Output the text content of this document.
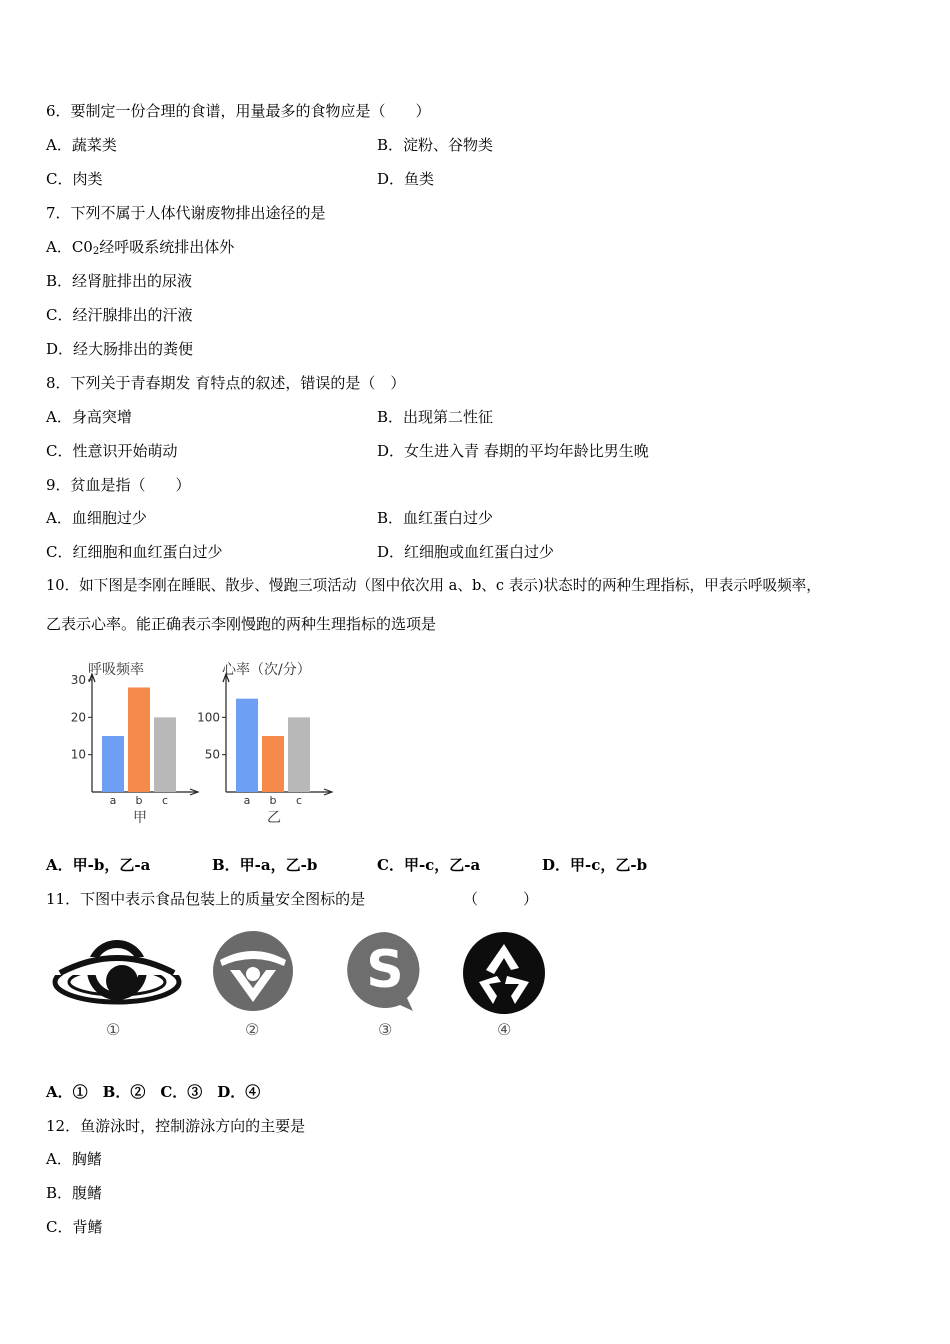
6．要制定一份合理的食谱，用量最多的食物应是（　　）
A．蔬菜类	B．淀粉、谷物类
C．肉类	D．鱼类
7．下列不属于人体代谢废物排出途径的是
A．$C0_2$经呼吸系统排出体外
B．经肾脏排出的尿液
C．经汗腺排出的汗液
D．经大肠排出的粪便
8．下列关于青春期发 育特点的叙述，错误的是（　）
A．身高突增	B．出现第二性征
C．性意识开始萌动	D．女生进入青 春期的平均年龄比男生晚
9．贫血是指（　　）
A．血细胞过少	B．血红蛋白过少
C．红细胞和血红蛋白过少	D．红细胞或血红蛋白过少
10．如下图是李刚在睡眠、散步、慢跑三项活动（图中依次用 a、b、c 表示)状态时的两种生理指标，甲表示呼吸频率，
乙表示心率。能正确表示李刚慢跑的两种生理指标的选项是
呼吸频率
10
20
30
a b c
甲
心率（次/分）
50
100
a b c
乙
A．甲-b，乙-a	B．甲-a，乙-b	C．甲-c，乙-a	D．甲-c，乙-b
11．下图中表示食品包装上的质量安全图标的是	（　　　）
S
①	②	③	④
A．①　B．②　C．③　D．④
12．鱼游泳时，控制游泳方向的主要是
A．胸鳍
B．腹鳍
C．背鳍
